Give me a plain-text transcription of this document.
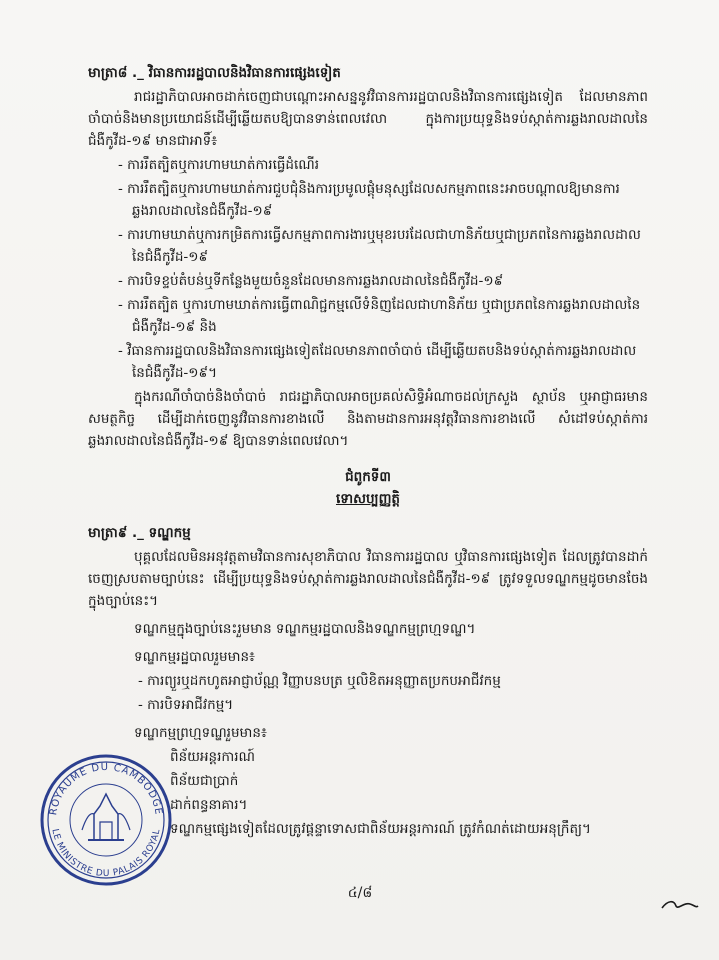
មាត្រា៨ ._ វិធានការរដ្ឋបាលនិងវិធានការផ្សេងទៀត

រាជរដ្ឋាភិបាលអាចដាក់ចេញជាបណ្ដោះអាសន្ននូវវិធានការរដ្ឋបាលនិងវិធានការផ្សេងទៀត ដែលមានភាពចាំបាច់និងមានប្រយោជន៍ដើម្បីឆ្លើយតបឱ្យបានទាន់ពេលវេលា ក្នុងការប្រយុទ្ធនិងទប់ស្កាត់ការឆ្លងរាលដាលនៃជំងឺកូវីដ-១៩ មានជាអាទិ៍៖

- ការរឹតត្បិតឬការហាមឃាត់ការធ្វើដំណើរ

- ការរឹតត្បិតឬការហាមឃាត់ការជួបជុំនិងការប្រមូលផ្ដុំមនុស្សដែលសកម្មភាពនេះអាចបណ្ដាលឱ្យមានការឆ្លងរាលដាលនៃជំងឺកូវីដ-១៩

- ការហាមឃាត់ឬការកម្រិតការធ្វើសកម្មភាពការងារឬមុខរបរដែលជាហានិភ័យឬជាប្រភពនៃការឆ្លងរាលដាលនៃជំងឺកូវីដ-១៩

- ការបិទខ្ទប់តំបន់ឬទីកន្លែងមួយចំនួនដែលមានការឆ្លងរាលដាលនៃជំងឺកូវីដ-១៩

- ការរឹតត្បិត ឬការហាមឃាត់ការធ្វើពាណិជ្ជកម្មលើទំនិញដែលជាហានិភ័យ ឬជាប្រភពនៃការឆ្លងរាលដាលនៃជំងឺកូវីដ-១៩ និង

- វិធានការរដ្ឋបាលនិងវិធានការផ្សេងទៀតដែលមានភាពចាំបាច់ ដើម្បីឆ្លើយតបនិងទប់ស្កាត់ការឆ្លងរាលដាលនៃជំងឺកូវីដ-១៩។

ក្នុងករណីចាំបាច់និងចាំបាច់ រាជរដ្ឋាភិបាលអាចប្រគល់សិទ្ធិអំណាចដល់ក្រសួង ស្ថាប័ន ឬអាជ្ញាធរមានសមត្ថកិច្ច ដើម្បីដាក់ចេញនូវវិធានការខាងលើ និងតាមដានការអនុវត្តវិធានការខាងលើ សំដៅទប់ស្កាត់ការឆ្លងរាលដាលនៃជំងឺកូវីដ-១៩ ឱ្យបានទាន់ពេលវេលា។

ជំពូកទី៣

ទោសប្បញ្ញត្តិ

មាត្រា៩ ._ ទណ្ឌកម្ម

បុគ្គលដែលមិនអនុវត្តតាមវិធានការសុខាភិបាល វិធានការរដ្ឋបាល ឬវិធានការផ្សេងទៀត ដែលត្រូវបានដាក់ចេញស្របតាមច្បាប់នេះ ដើម្បីប្រយុទ្ធនិងទប់ស្កាត់ការឆ្លងរាលដាលនៃជំងឺកូវីដ-១៩ ត្រូវទទួលទណ្ឌកម្មដូចមានចែងក្នុងច្បាប់នេះ។

ទណ្ឌកម្មក្នុងច្បាប់នេះរួមមាន ទណ្ឌកម្មរដ្ឋបាលនិងទណ្ឌកម្មព្រហ្មទណ្ឌ។

ទណ្ឌកម្មរដ្ឋបាលរួមមាន៖

- ការព្យួរឬដកហូតអាជ្ញាប័ណ្ណ វិញ្ញាបនបត្រ ឬលិខិតអនុញ្ញាតប្រកបអាជីវកម្ម

- ការបិទអាជីវកម្ម។

ទណ្ឌកម្មព្រហ្មទណ្ឌរួមមាន៖

ពិន័យអន្តរការណ៍

ពិន័យជាប្រាក់

ដាក់ពន្ធនាគារ។

ទណ្ឌកម្មផ្សេងទៀតដែលត្រូវផ្ដន្ទាទោសជាពិន័យអន្តរការណ៍ ត្រូវកំណត់ដោយអនុក្រឹត្យ។

៤/៨
ROYAUME DU CAMBODGE
LE MINISTRE DU PALAIS ROYAL
